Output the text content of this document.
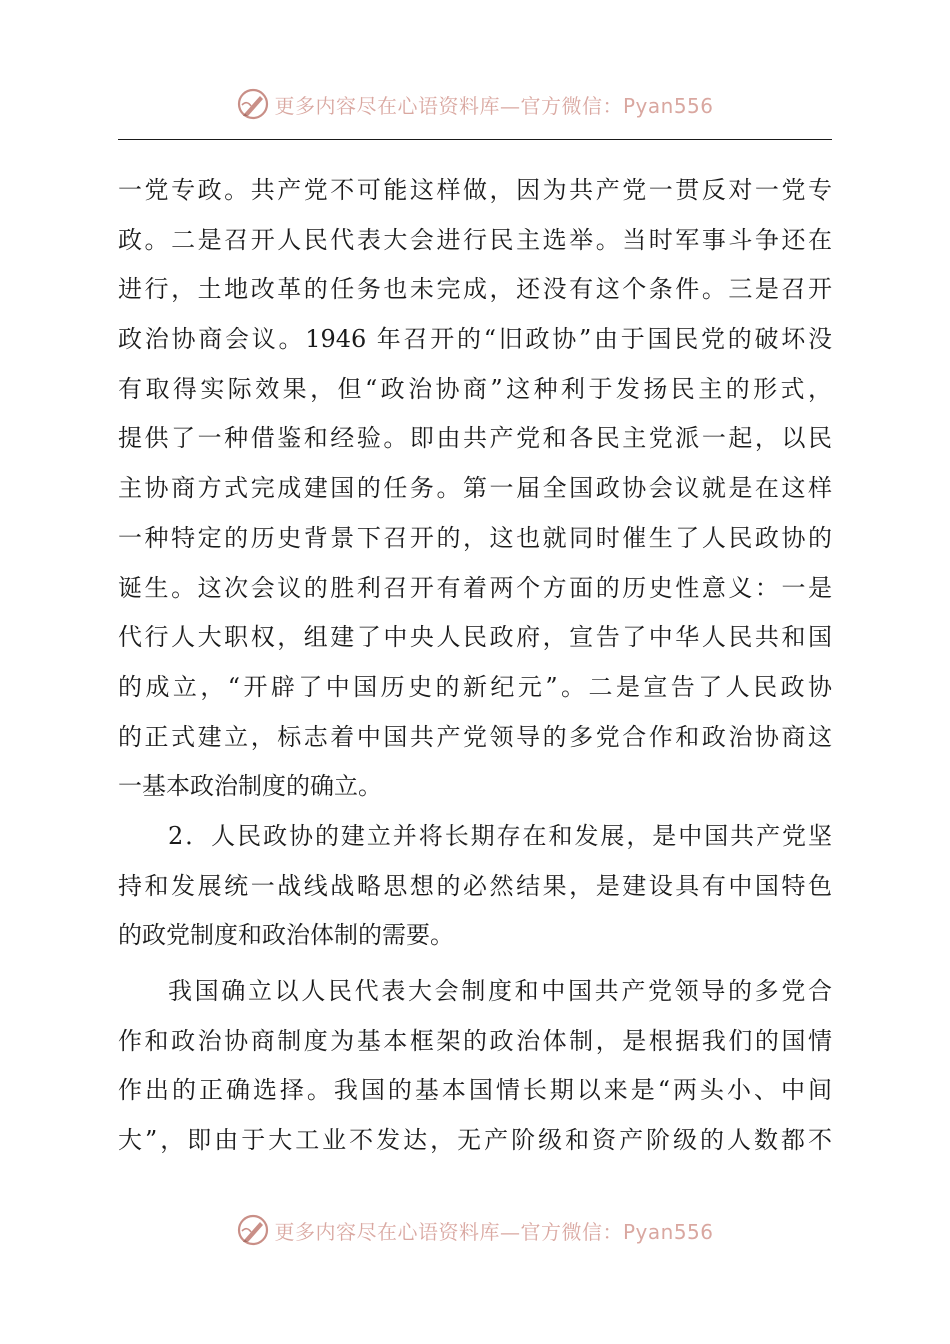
更多内容尽在心语资料库—官方微信：Pyan556
一党专政。共产党不可能这样做，因为共产党一贯反对一党专
政。二是召开人民代表大会进行民主选举。当时军事斗争还在
进行，土地改革的任务也未完成，还没有这个条件。三是召开
政治协商会议。1946 年召开的“旧政协”由于国民党的破坏没
有取得实际效果，但“政治协商”这种利于发扬民主的形式，
提供了一种借鉴和经验。即由共产党和各民主党派一起，以民
主协商方式完成建国的任务。第一届全国政协会议就是在这样
一种特定的历史背景下召开的，这也就同时催生了人民政协的
诞生。这次会议的胜利召开有着两个方面的历史性意义：一是
代行人大职权，组建了中央人民政府，宣告了中华人民共和国
的成立，“开辟了中国历史的新纪元”。二是宣告了人民政协
的正式建立，标志着中国共产党领导的多党合作和政治协商这
一基本政治制度的确立。
2．人民政协的建立并将长期存在和发展，是中国共产党坚
持和发展统一战线战略思想的必然结果，是建设具有中国特色
的政党制度和政治体制的需要。
我国确立以人民代表大会制度和中国共产党领导的多党合
作和政治协商制度为基本框架的政治体制，是根据我们的国情
作出的正确选择。我国的基本国情长期以来是“两头小、中间
大”，即由于大工业不发达，无产阶级和资产阶级的人数都不
更多内容尽在心语资料库—官方微信：Pyan556
